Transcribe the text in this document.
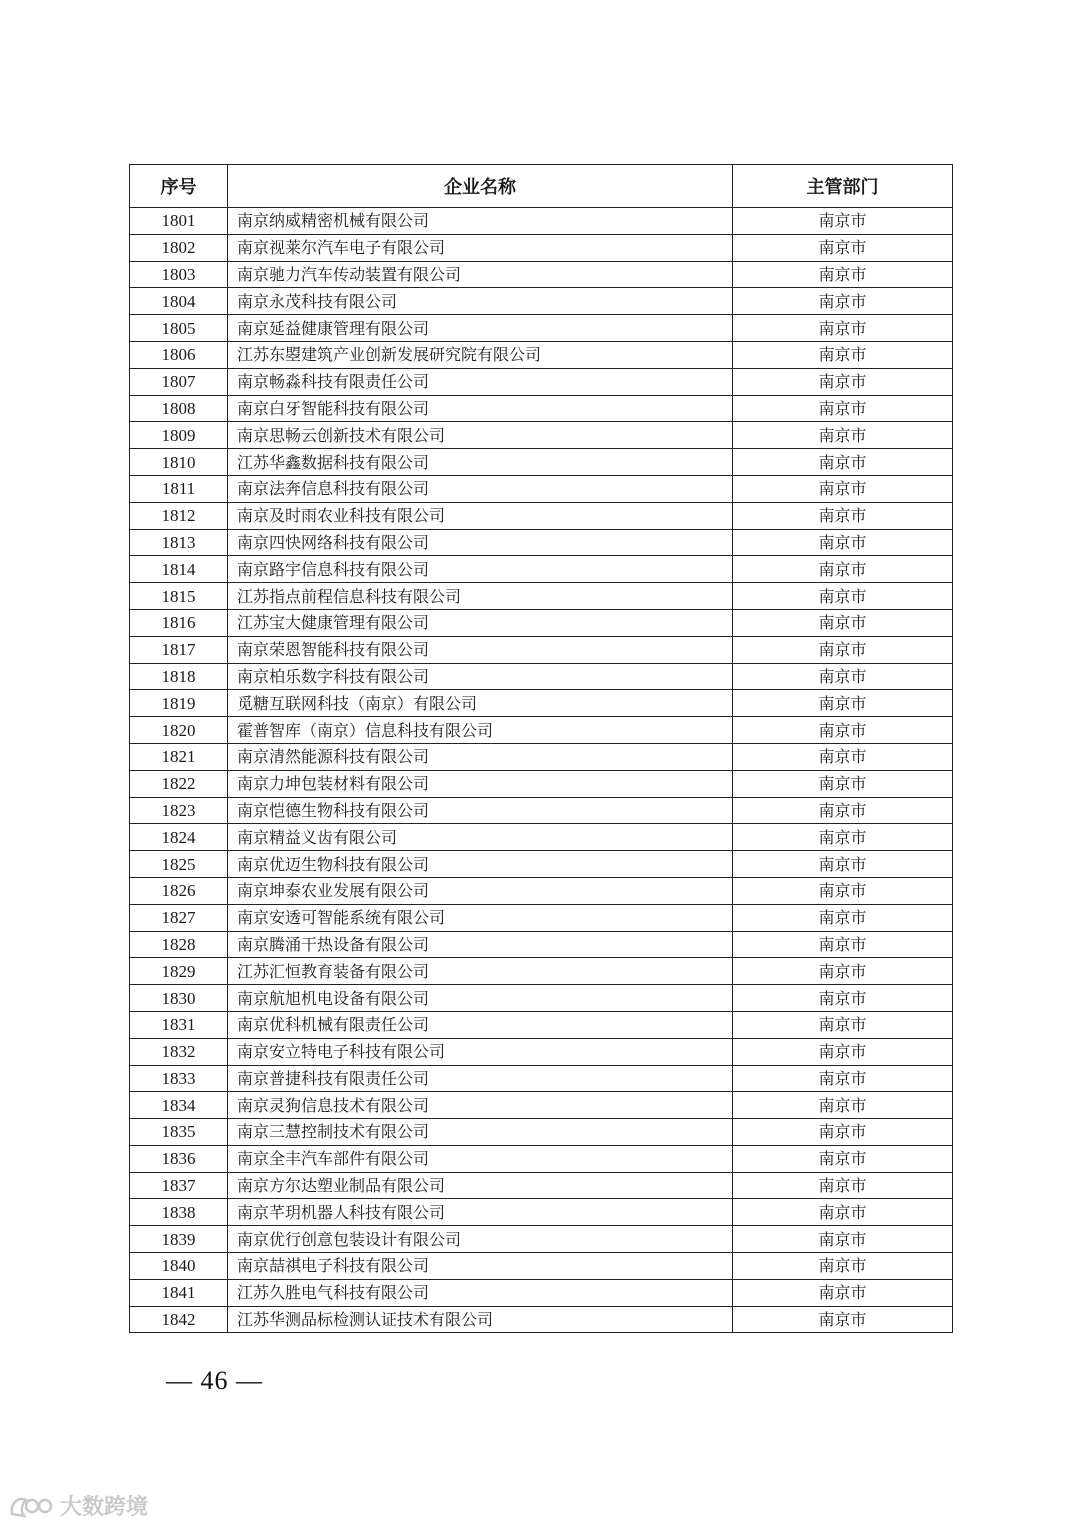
序号	企业名称	主管部门
1801	南京纳威精密机械有限公司	南京市
1802	南京视莱尔汽车电子有限公司	南京市
1803	南京驰力汽车传动装置有限公司	南京市
1804	南京永茂科技有限公司	南京市
1805	南京延益健康管理有限公司	南京市
1806	江苏东曌建筑产业创新发展研究院有限公司	南京市
1807	南京畅淼科技有限责任公司	南京市
1808	南京白牙智能科技有限公司	南京市
1809	南京思畅云创新技术有限公司	南京市
1810	江苏华鑫数据科技有限公司	南京市
1811	南京法奔信息科技有限公司	南京市
1812	南京及时雨农业科技有限公司	南京市
1813	南京四快网络科技有限公司	南京市
1814	南京路宇信息科技有限公司	南京市
1815	江苏指点前程信息科技有限公司	南京市
1816	江苏宝大健康管理有限公司	南京市
1817	南京荣恩智能科技有限公司	南京市
1818	南京柏乐数字科技有限公司	南京市
1819	觅糖互联网科技（南京）有限公司	南京市
1820	霍普智库（南京）信息科技有限公司	南京市
1821	南京清然能源科技有限公司	南京市
1822	南京力坤包装材料有限公司	南京市
1823	南京恺德生物科技有限公司	南京市
1824	南京精益义齿有限公司	南京市
1825	南京优迈生物科技有限公司	南京市
1826	南京坤泰农业发展有限公司	南京市
1827	南京安透可智能系统有限公司	南京市
1828	南京腾涌干热设备有限公司	南京市
1829	江苏汇恒教育装备有限公司	南京市
1830	南京航旭机电设备有限公司	南京市
1831	南京优科机械有限责任公司	南京市
1832	南京安立特电子科技有限公司	南京市
1833	南京普捷科技有限责任公司	南京市
1834	南京灵狗信息技术有限公司	南京市
1835	南京三慧控制技术有限公司	南京市
1836	南京全丰汽车部件有限公司	南京市
1837	南京方尔达塑业制品有限公司	南京市
1838	南京芊玥机器人科技有限公司	南京市
1839	南京优行创意包装设计有限公司	南京市
1840	南京喆祺电子科技有限公司	南京市
1841	江苏久胜电气科技有限公司	南京市
1842	江苏华测品标检测认证技术有限公司	南京市
— 46 —
大数跨境
